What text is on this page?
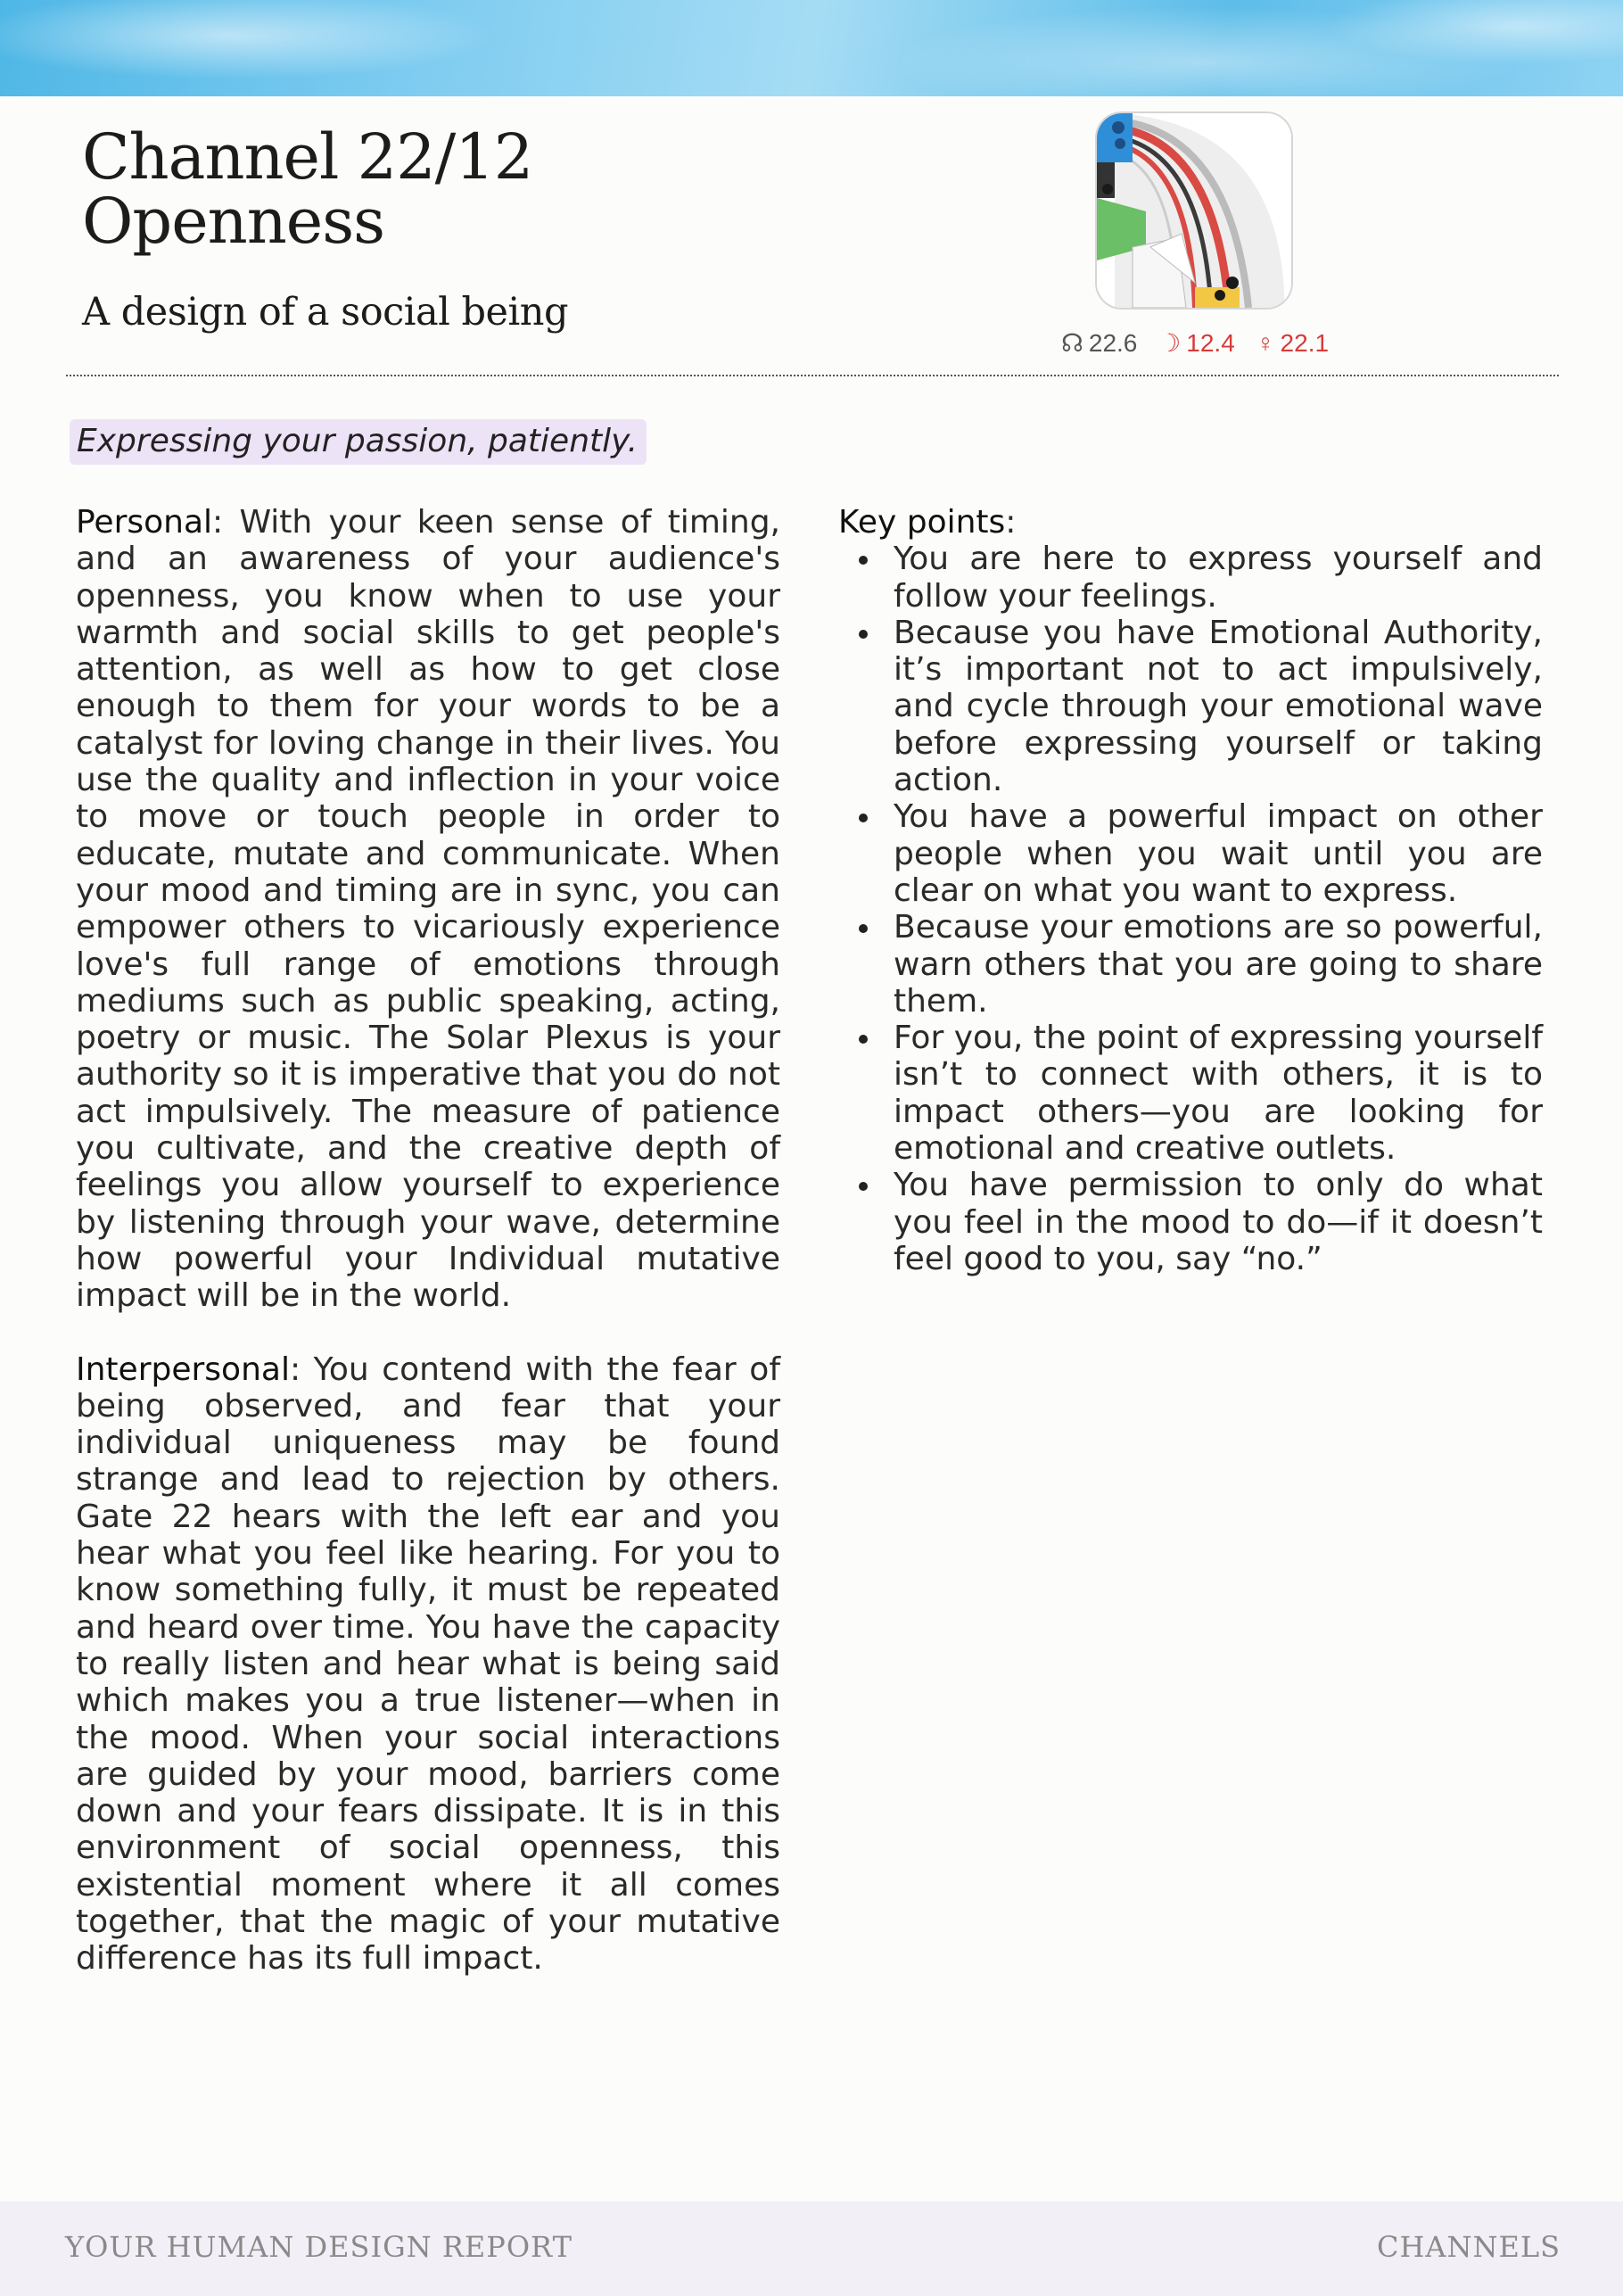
Channel 22/12
Openness
A design of a social being
☊ 22.6 ☽ 12.4 ♀ 22.1

Expressing your passion, patiently.

Personal: With your keen sense of timing, and an awareness of your audience's openness, you know when to use your warmth and social skills to get people's attention, as well as how to get close enough to them for your words to be a catalyst for loving change in their lives. You use the quality and inflection in your voice to move or touch people in order to educate, mutate and communicate. When your mood and timing are in sync, you can empower others to vicariously experience love's full range of emotions through mediums such as public speaking, acting, poetry or music. The Solar Plexus is your authority so it is imperative that you do not act impulsively. The measure of patience you cultivate, and the creative depth of feelings you allow yourself to experience by listening through your wave, determine how powerful your Individual mutative impact will be in the world.

Interpersonal: You contend with the fear of being observed, and fear that your individual uniqueness may be found strange and lead to rejection by others. Gate 22 hears with the left ear and you hear what you feel like hearing. For you to know something fully, it must be repeated and heard over time. You have the capacity to really listen and hear what is being said which makes you a true listener—when in the mood. When your social interactions are guided by your mood, barriers come down and your fears dissipate. It is in this environment of social openness, this existential moment where it all comes together, that the magic of your mutative difference has its full impact.

Key points:

You are here to express yourself and follow your feelings.
Because you have Emotional Authority, it’s important not to act impulsively, and cycle through your emotional wave before expressing yourself or taking action.
You have a powerful impact on other people when you wait until you are clear on what you want to express.
Because your emotions are so powerful, warn others that you are going to share them.
For you, the point of expressing yourself isn’t to connect with others, it is to impact others—you are looking for emotional and creative outlets.
You have permission to only do what you feel in the mood to do—if it doesn’t feel good to you, say “no.”
YOUR HUMAN DESIGN REPORT	CHANNELS
